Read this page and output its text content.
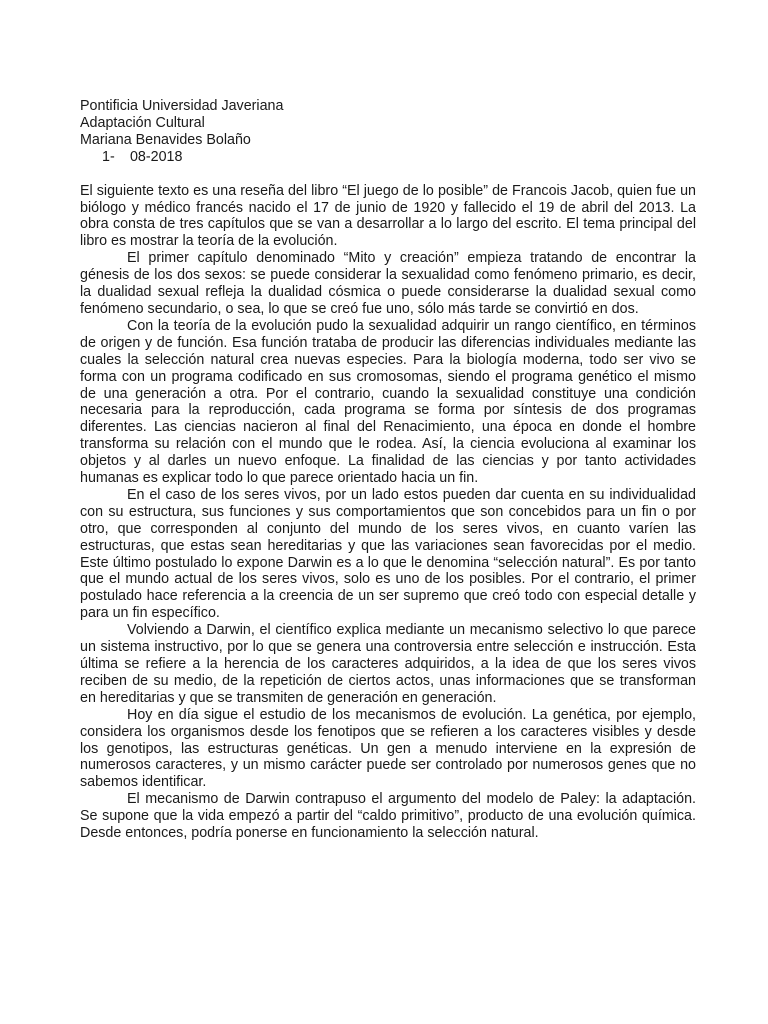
Pontificia Universidad Javeriana
Adaptación Cultural
Mariana Benavides Bolaño
1- 08-2018

El siguiente texto es una reseña del libro “El juego de lo posible” de Francois Jacob, quien fue un biólogo y médico francés nacido el 17 de junio de 1920 y fallecido el 19 de abril del 2013. La obra consta de tres capítulos que se van a desarrollar a lo largo del escrito. El tema principal del libro es mostrar la teoría de la evolución.

El primer capítulo denominado “Mito y creación” empieza tratando de encontrar la génesis de los dos sexos: se puede considerar la sexualidad como fenómeno primario, es decir, la dualidad sexual refleja la dualidad cósmica o puede considerarse la dualidad sexual como fenómeno secundario, o sea, lo que se creó fue uno, sólo más tarde se convirtió en dos.

Con la teoría de la evolución pudo la sexualidad adquirir un rango científico, en términos de origen y de función. Esa función trataba de producir las diferencias individuales mediante las cuales la selección natural crea nuevas especies. Para la biología moderna, todo ser vivo se forma con un programa codificado en sus cromosomas, siendo el programa genético el mismo de una generación a otra. Por el contrario, cuando la sexualidad constituye una condición necesaria para la reproducción, cada programa se forma por síntesis de dos programas diferentes. Las ciencias nacieron al final del Renacimiento, una época en donde el hombre transforma su relación con el mundo que le rodea. Así, la ciencia evoluciona al examinar los objetos y al darles un nuevo enfoque. La finalidad de las ciencias y por tanto actividades humanas es explicar todo lo que parece orientado hacia un fin.

En el caso de los seres vivos, por un lado estos pueden dar cuenta en su individualidad con su estructura, sus funciones y sus comportamientos que son concebidos para un fin o por otro, que corresponden al conjunto del mundo de los seres vivos, en cuanto varíen las estructuras, que estas sean hereditarias y que las variaciones sean favorecidas por el medio. Este último postulado lo expone Darwin es a lo que le denomina “selección natural”. Es por tanto que el mundo actual de los seres vivos, solo es uno de los posibles. Por el contrario, el primer postulado hace referencia a la creencia de un ser supremo que creó todo con especial detalle y para un fin específico.

Volviendo a Darwin, el científico explica mediante un mecanismo selectivo lo que parece un sistema instructivo, por lo que se genera una controversia entre selección e instrucción. Esta última se refiere a la herencia de los caracteres adquiridos, a la idea de que los seres vivos reciben de su medio, de la repetición de ciertos actos, unas informaciones que se transforman en hereditarias y que se transmiten de generación en generación.

Hoy en día sigue el estudio de los mecanismos de evolución. La genética, por ejemplo, considera los organismos desde los fenotipos que se refieren a los caracteres visibles y desde los genotipos, las estructuras genéticas. Un gen a menudo interviene en la expresión de numerosos caracteres, y un mismo carácter puede ser controlado por numerosos genes que no sabemos identificar.

El mecanismo de Darwin contrapuso el argumento del modelo de Paley: la adaptación. Se supone que la vida empezó a partir del “caldo primitivo”, producto de una evolución química. Desde entonces, podría ponerse en funcionamiento la selección natural.
